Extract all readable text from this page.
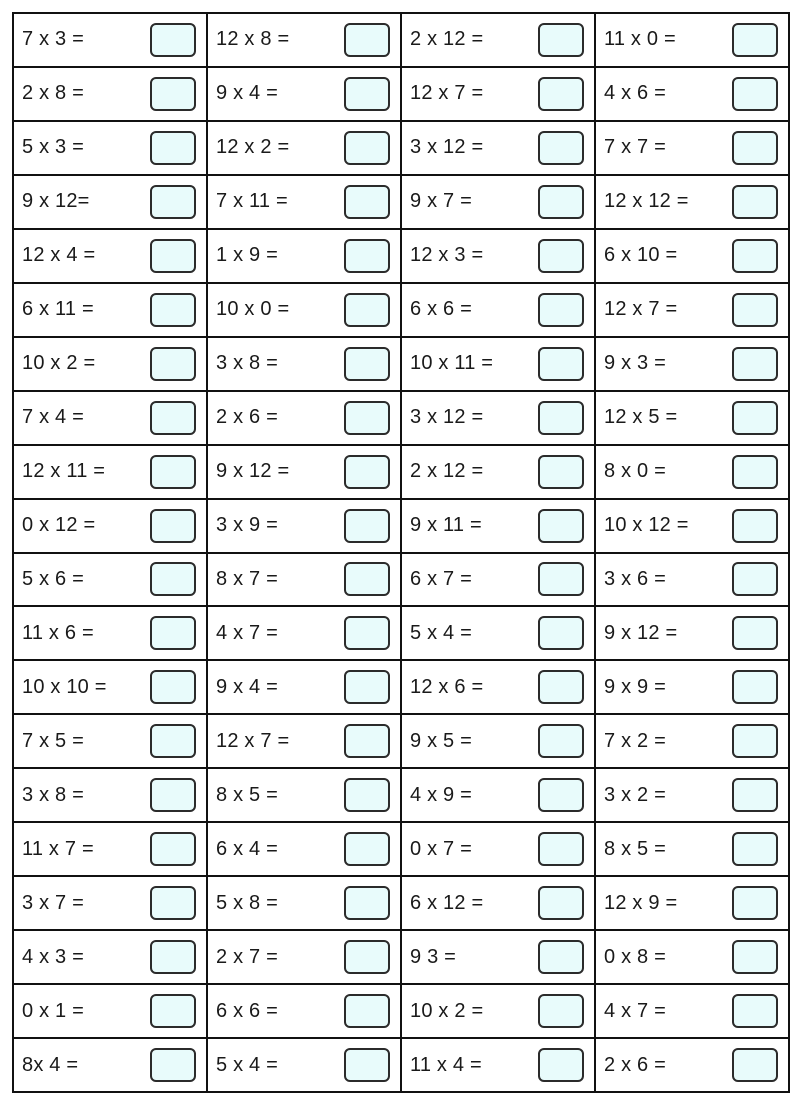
7 x 3 =
2 x 8 =
5 x 3 =
9 x 12=
12 x 4 =
6 x 11 =
10 x 2 =
7 x 4 =
12 x 11 =
0 x 12 =
5 x 6 =
11 x 6 =
10 x 10 =
7 x 5 =
3 x 8 =
11 x 7 =
3 x 7 =
4 x 3 =
0 x 1 =
8x 4 =
12 x 8 =
9 x 4 =
12 x 2 =
7 x 11 =
1 x 9 =
10 x 0 =
3 x 8 =
2 x 6 =
9 x 12 =
3 x 9 =
8 x 7 =
4 x 7 =
9 x 4 =
12 x 7 =
8 x 5 =
6 x 4 =
5 x 8 =
2 x 7 =
6 x 6 =
5 x 4 =
2 x 12 =
12 x 7 =
3 x 12 =
9 x 7 =
12 x 3 =
6 x 6 =
10 x 11 =
3 x 12 =
2 x 12 =
9 x 11 =
6 x 7 =
5 x 4 =
12 x 6 =
9 x 5 =
4 x 9 =
0 x 7 =
6 x 12 =
9 3 =
10 x 2 =
11 x 4 =
11 x 0 =
4 x 6 =
7 x 7 =
12 x 12 =
6 x 10 =
12 x 7 =
9 x 3 =
12 x 5 =
8 x 0 =
10 x 12 =
3 x 6 =
9 x 12 =
9 x 9 =
7 x 2 =
3 x 2 =
8 x 5 =
12 x 9 =
0 x 8 =
4 x 7 =
2 x 6 =
